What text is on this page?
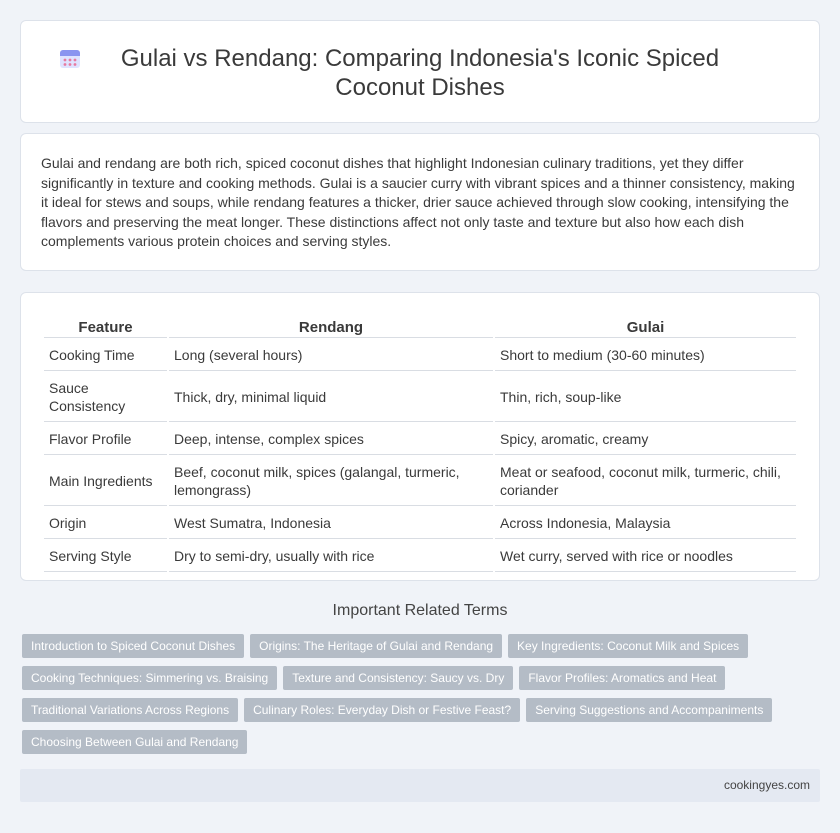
Gulai vs Rendang: Comparing Indonesia's Iconic Spiced Coconut Dishes

Gulai and rendang are both rich, spiced coconut dishes that highlight Indonesian culinary traditions, yet they differ significantly in texture and cooking methods. Gulai is a saucier curry with vibrant spices and a thinner consistency, making it ideal for stews and soups, while rendang features a thicker, drier sauce achieved through slow cooking, intensifying the flavors and preserving the meat longer. These distinctions affect not only taste and texture but also how each dish complements various protein choices and serving styles.

Feature	Rendang	Gulai
Cooking Time	Long (several hours)	Short to medium (30-60 minutes)
Sauce Consistency	Thick, dry, minimal liquid	Thin, rich, soup-like
Flavor Profile	Deep, intense, complex spices	Spicy, aromatic, creamy
Main Ingredients	Beef, coconut milk, spices (galangal, turmeric, lemongrass)	Meat or seafood, coconut milk, turmeric, chili, coriander
Origin	West Sumatra, Indonesia	Across Indonesia, Malaysia
Serving Style	Dry to semi-dry, usually with rice	Wet curry, served with rice or noodles
Important Related Terms
Introduction to Spiced Coconut Dishes	Origins: The Heritage of Gulai and Rendang	Key Ingredients: Coconut Milk and Spices
Cooking Techniques: Simmering vs. Braising	Texture and Consistency: Saucy vs. Dry	Flavor Profiles: Aromatics and Heat
Traditional Variations Across Regions	Culinary Roles: Everyday Dish or Festive Feast?	Serving Suggestions and Accompaniments
Choosing Between Gulai and Rendang
cookingyes.com
